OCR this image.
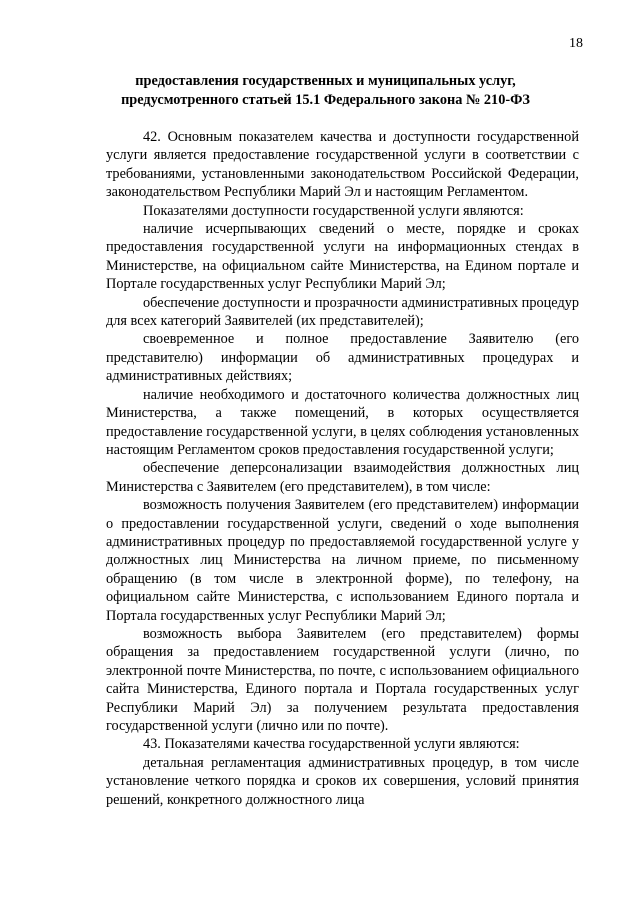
18
предоставления государственных и муниципальных услуг,
предусмотренного статьей 15.1 Федерального закона № 210-ФЗ

42. Основным показателем качества и доступности государственной услуги является предоставление государственной услуги в соответствии с требованиями, установленными законодательством Российской Федерации, законодательством Республики Марий Эл и настоящим Регламентом.

Показателями доступности государственной услуги являются:

наличие исчерпывающих сведений о месте, порядке и сроках предоставления государственной услуги на информационных стендах в Министерстве, на официальном сайте Министерства, на Едином портале и Портале государственных услуг Республики Марий Эл;

обеспечение доступности и прозрачности административных процедур для всех категорий Заявителей (их представителей);

своевременное и полное предоставление Заявителю (его представителю) информации об административных процедурах и административных действиях;

наличие необходимого и достаточного количества должностных лиц Министерства, а также помещений, в которых осуществляется предоставление государственной услуги, в целях соблюдения установленных настоящим Регламентом сроков предоставления государственной услуги;

обеспечение деперсонализации взаимодействия должностных лиц Министерства с Заявителем (его представителем), в том числе:

возможность получения Заявителем (его представителем) информации о предоставлении государственной услуги, сведений о ходе выполнения административных процедур по предоставляемой государственной услуге у должностных лиц Министерства на личном приеме, по письменному обращению (в том числе в электронной форме), по телефону, на официальном сайте Министерства, с использованием Единого портала и Портала государственных услуг Республики Марий Эл;

возможность выбора Заявителем (его представителем) формы обращения за предоставлением государственной услуги (лично, по электронной почте Министерства, по почте, с использованием официального сайта Министерства, Единого портала и Портала государственных услуг Республики Марий Эл) за получением результата предоставления государственной услуги (лично или по почте).

43. Показателями качества государственной услуги являются:

детальная регламентация административных процедур, в том числе установление четкого порядка и сроков их совершения, условий принятия решений, конкретного должностного лица
